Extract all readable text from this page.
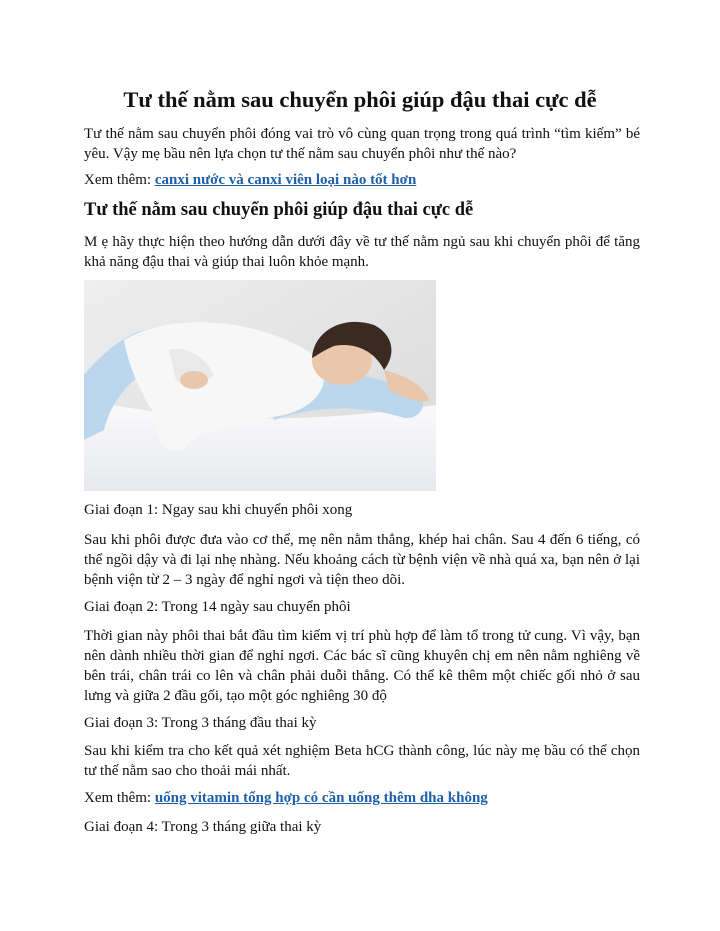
Tư thế nằm sau chuyển phôi giúp đậu thai cực dễ

Tư thế nằm sau chuyển phôi đóng vai trò vô cùng quan trọng trong quá trình “tìm kiếm” bé yêu. Vậy mẹ bầu nên lựa chọn tư thế nằm sau chuyển phôi như thế nào?

Xem thêm: canxi nước và canxi viên loại nào tốt hơn

Tư thế nằm sau chuyển phôi giúp đậu thai cực dễ

M ẹ hãy thực hiện theo hướng dẫn dưới đây về tư thế nằm ngủ sau khi chuyển phôi để tăng khả năng đậu thai và giúp thai luôn khỏe mạnh.

Giai đoạn 1: Ngay sau khi chuyển phôi xong

Sau khi phôi được đưa vào cơ thể, mẹ nên nằm thẳng, khép hai chân. Sau 4 đến 6 tiếng, có thể ngồi dậy và đi lại nhẹ nhàng. Nếu khoảng cách từ bệnh viện về nhà quá xa, bạn nên ở lại bệnh viện từ 2 – 3 ngày để nghỉ ngơi và tiện theo dõi.

Giai đoạn 2: Trong 14 ngày sau chuyển phôi

Thời gian này phôi thai bắt đầu tìm kiếm vị trí phù hợp để làm tổ trong tử cung. Vì vậy, bạn nên dành nhiều thời gian để nghỉ ngơi. Các bác sĩ cũng khuyên chị em nên nằm nghiêng về bên trái, chân trái co lên và chân phải duỗi thẳng. Có thể kê thêm một chiếc gối nhỏ ở sau lưng và giữa 2 đầu gối, tạo một góc nghiêng 30 độ

Giai đoạn 3: Trong 3 tháng đầu thai kỳ

Sau khi kiểm tra cho kết quả xét nghiệm Beta hCG thành công, lúc này mẹ bầu có thể chọn tư thế nằm sao cho thoải mái nhất.

Xem thêm: uống vitamin tổng hợp có cần uống thêm dha không

Giai đoạn 4: Trong 3 tháng giữa thai kỳ
